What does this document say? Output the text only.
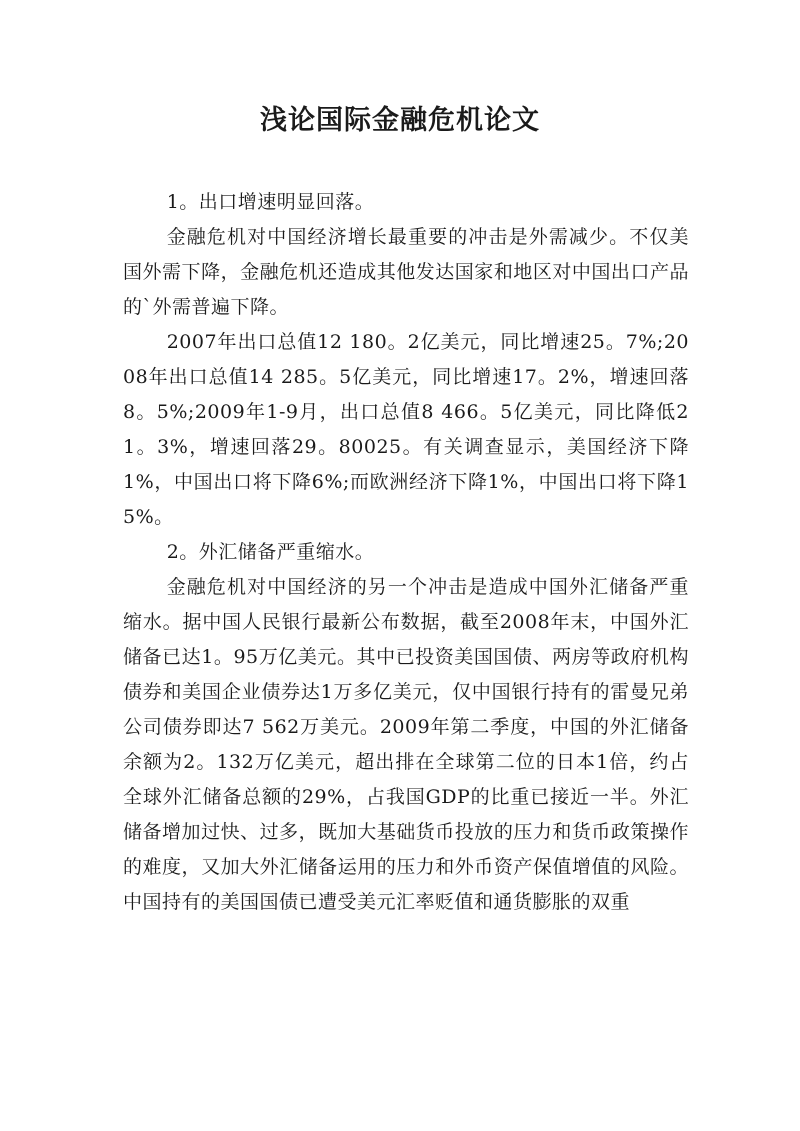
浅论国际金融危机论文

1。出口增速明显回落。

金融危机对中国经济增长最重要的冲击是外需减少。不仅美国外需下降，金融危机还造成其他发达国家和地区对中国出口产品的`外需普遍下降。

2007年出口总值12 180。2亿美元，同比增速25。7%;2008年出口总值14 285。5亿美元，同比增速17。2%，增速回落8。5%;2009年1-9月，出口总值8 466。5亿美元，同比降低21。3%，增速回落29。80025。有关调查显示，美国经济下降1%，中国出口将下降6%;而欧洲经济下降1%，中国出口将下降15%。

2。外汇储备严重缩水。

金融危机对中国经济的另一个冲击是造成中国外汇储备严重缩水。据中国人民银行最新公布数据，截至2008年末，中国外汇储备已达1。95万亿美元。其中已投资美国国债、两房等政府机构债券和美国企业债券达1万多亿美元，仅中国银行持有的雷曼兄弟公司债券即达7 562万美元。2009年第二季度，中国的外汇储备余额为2。132万亿美元，超出排在全球第二位的日本1倍，约占全球外汇储备总额的29%，占我国GDP的比重已接近一半。外汇储备增加过快、过多，既加大基础货币投放的压力和货币政策操作的难度，又加大外汇储备运用的压力和外币资产保值增值的风险。中国持有的美国国债已遭受美元汇率贬值和通货膨胀的双重
